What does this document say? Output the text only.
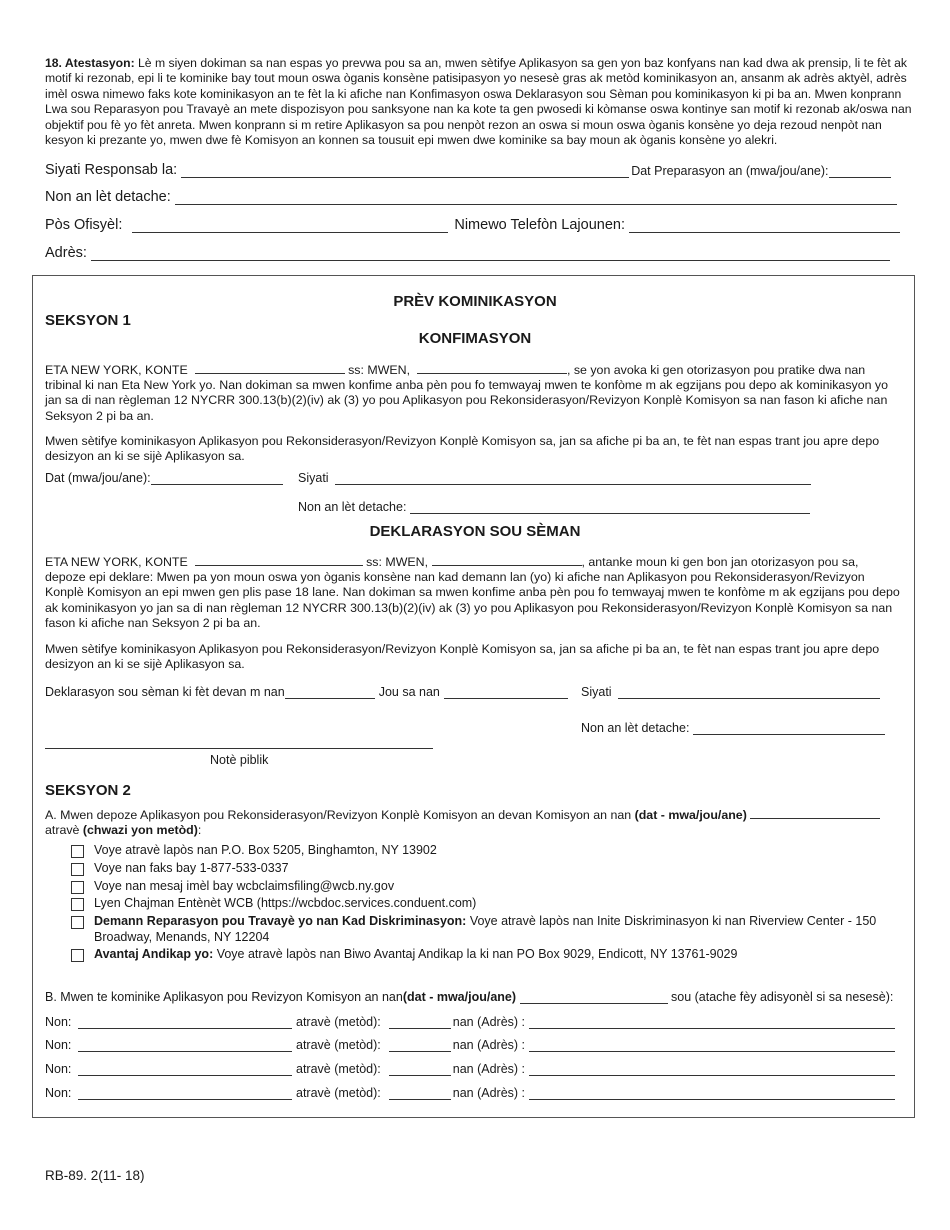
18. Atestasyon: Lè m siyen dokiman sa nan espas yo prevwa pou sa an, mwen sètifye Aplikasyon sa gen yon baz konfyans nan kad dwa ak prensip, li te fèt ak motif ki rezonab, epi li te kominike bay tout moun oswa òganis konsène patisipasyon yo nesesè gras ak metòd kominikasyon an, ansanm ak adrès aktyèl, adrès imèl oswa nimewo faks kote kominikasyon an te fèt la ki afiche nan Konfimasyon oswa Deklarasyon sou Sèman pou kominikasyon ki pi ba an. Mwen konprann Lwa sou Reparasyon pou Travayè an mete dispozisyon pou sanksyone nan ka kote ta gen pwosedi ki kòmanse oswa kontinye san motif ki rezonab ak/oswa nan objektif pou fè yo fèt anreta. Mwen konprann si m retire Aplikasyon sa pou nenpòt rezon an oswa si moun oswa òganis konsène yo deja rezoud nenpòt nan kesyon ki prezante yo, mwen dwe fè Komisyon an konnen sa tousuit epi mwen dwe kominike sa bay moun ak òganis konsène yo alekri.
Siyati Responsab la:	Dat Preparasyon an (mwa/jou/ane):
Non an lèt detache:
Pòs Ofisyèl:	Nimewo Telefòn Lajounen:
Adrès:
PRÈV KOMINIKASYON
SEKSYON 1
KONFIMASYON
ETA NEW YORK, KONTE	ss: MWEN,	, se yon avoka ki gen otorizasyon pou pratike dwa nan tribinal ki nan Eta New York yo. Nan dokiman sa mwen konfime anba pèn pou fo temwayaj mwen te konfòme m ak egzijans pou depo ak kominikasyon yo jan sa di nan règleman 12 NYCRR 300.13(b)(2)(iv) ak (3) yo pou Aplikasyon pou Rekonsiderasyon/Revizyon Konplè Komisyon sa nan fason ki afiche nan Seksyon 2 pi ba an.
Mwen sètifye kominikasyon Aplikasyon pou Rekonsiderasyon/Revizyon Konplè Komisyon sa, jan sa afiche pi ba an, te fèt nan espas trant jou apre depo desizyon an ki se sijè Aplikasyon sa.
Dat (mwa/jou/ane):	Siyati
Non an lèt detache:
DEKLARASYON SOU SÈMAN
ETA NEW YORK, KONTE	ss: MWEN,	, antanke moun ki gen bon jan otorizasyon pou sa, depoze epi deklare: Mwen pa yon moun oswa yon òganis konsène nan kad demann lan (yo) ki afiche nan Aplikasyon pou Rekonsiderasyon/Revizyon Konplè Komisyon an epi mwen gen plis pase 18 lane. Nan dokiman sa mwen konfime anba pèn pou fo temwayaj mwen te konfòme m ak egzijans pou depo ak kominikasyon yo jan sa di nan règleman 12 NYCRR 300.13(b)(2)(iv) ak (3) yo pou Aplikasyon pou Rekonsiderasyon/Revizyon Konplè Komisyon sa nan fason ki afiche nan Seksyon 2 pi ba an.
Mwen sètifye kominikasyon Aplikasyon pou Rekonsiderasyon/Revizyon Konplè Komisyon sa, jan sa afiche pi ba an, te fèt nan espas trant jou apre depo desizyon an ki se sijè Aplikasyon sa.
Deklarasyon sou sèman ki fèt devan m nan	Jou sa nan	Siyati
Non an lèt detache:
Notè piblik
SEKSYON 2
A. Mwen depoze Aplikasyon pou Rekonsiderasyon/Revizyon Konplè Komisyon an devan Komisyon an nan (dat - mwa/jou/ane)
atravè (chwazi yon metòd):
Voye atravè lapòs nan P.O. Box 5205, Binghamton, NY 13902
Voye nan faks bay 1-877-533-0337
Voye nan mesaj imèl bay wcbclaimsfiling@wcb.ny.gov
Lyen Chajman Entènèt WCB (https://wcbdoc.services.conduent.com)
Demann Reparasyon pou Travayè yo nan Kad Diskriminasyon: Voye atravè lapòs nan Inite Diskriminasyon ki nan Riverview Center - 150 Broadway, Menands, NY 12204
Avantaj Andikap yo: Voye atravè lapòs nan Biwo Avantaj Andikap la ki nan PO Box 9029, Endicott, NY 13761-9029
B. Mwen te kominike Aplikasyon pou Revizyon Komisyon an nan (dat - mwa/jou/ane)

	sou (atache fèy adisyonèl si sa nesesè):
Non:	atravè (metòd):	nan (Adrès) :
Non:	atravè (metòd):	nan (Adrès) :
Non:	atravè (metòd):	nan (Adrès) :
Non:	atravè (metòd):	nan (Adrès) :
RB-89. 2(11- 18)
